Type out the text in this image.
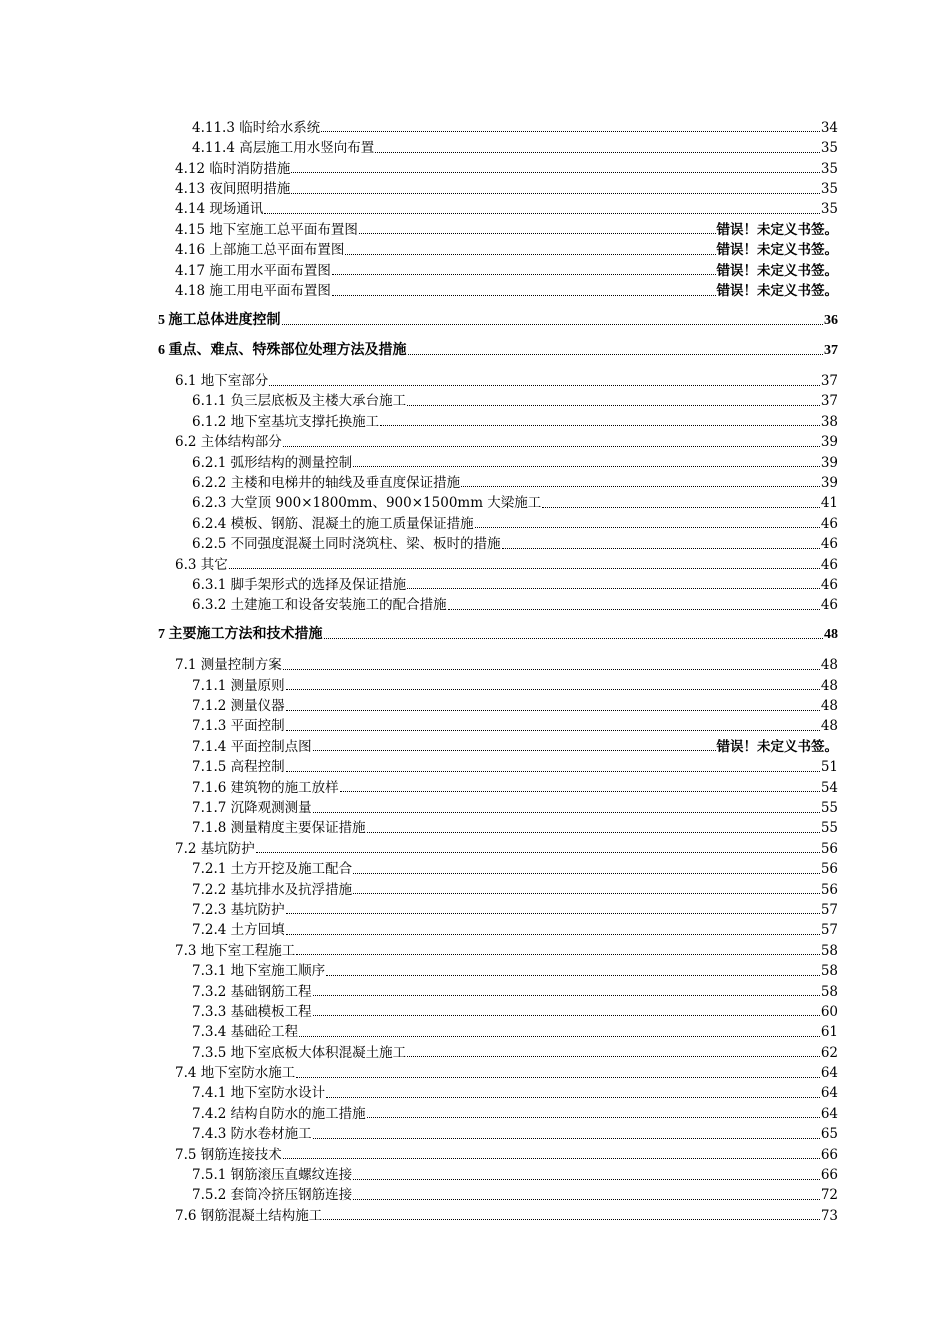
4.11.3 临时给水系统	34
4.11.4 高层施工用水竖向布置	35
4.12 临时消防措施	35
4.13 夜间照明措施	35
4.14 现场通讯	35
4.15 地下室施工总平面布置图	错误！未定义书签。
4.16 上部施工总平面布置图	错误！未定义书签。
4.17 施工用水平面布置图	错误！未定义书签。
4.18 施工用电平面布置图	错误！未定义书签。
5 施工总体进度控制	36
6 重点、难点、特殊部位处理方法及措施	37
6.1 地下室部分	37
6.1.1 负三层底板及主楼大承台施工	37
6.1.2 地下室基坑支撑托换施工	38
6.2 主体结构部分	39
6.2.1 弧形结构的测量控制	39
6.2.2 主楼和电梯井的轴线及垂直度保证措施	39
6.2.3 大堂顶 900×1800mm、900×1500mm 大梁施工	41
6.2.4 模板、钢筋、混凝土的施工质量保证措施	46
6.2.5 不同强度混凝土同时浇筑柱、梁、板时的措施	46
6.3 其它	46
6.3.1 脚手架形式的选择及保证措施	46
6.3.2 土建施工和设备安装施工的配合措施	46
7 主要施工方法和技术措施	48
7.1 测量控制方案	48
7.1.1 测量原则	48
7.1.2 测量仪器	48
7.1.3 平面控制	48
7.1.4 平面控制点图	错误！未定义书签。
7.1.5 高程控制	51
7.1.6 建筑物的施工放样	54
7.1.7 沉降观测测量	55
7.1.8 测量精度主要保证措施	55
7.2 基坑防护	56
7.2.1 土方开挖及施工配合	56
7.2.2 基坑排水及抗浮措施	56
7.2.3 基坑防护	57
7.2.4 土方回填	57
7.3 地下室工程施工	58
7.3.1 地下室施工顺序	58
7.3.2 基础钢筋工程	58
7.3.3 基础模板工程	60
7.3.4 基础砼工程	61
7.3.5 地下室底板大体积混凝土施工	62
7.4 地下室防水施工	64
7.4.1 地下室防水设计	64
7.4.2 结构自防水的施工措施	64
7.4.3 防水卷材施工	65
7.5 钢筋连接技术	66
7.5.1 钢筋滚压直螺纹连接	66
7.5.2 套筒冷挤压钢筋连接	72
7.6 钢筋混凝土结构施工	73
